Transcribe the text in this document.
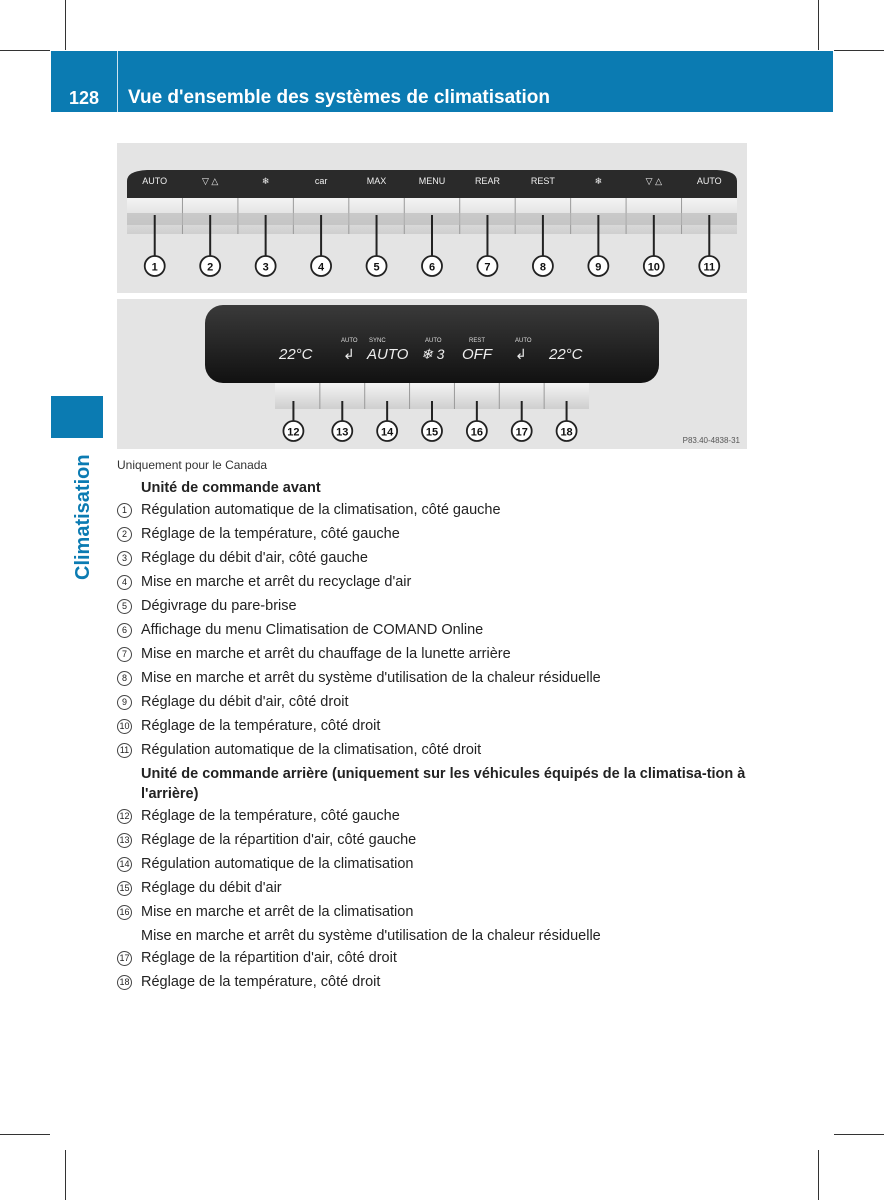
128	Vue d'ensemble des systèmes de climatisation
Climatisation
AUTO	▽ △	❄	car	MAX	MENU	REAR	REST	❄	▽ △	AUTO
1	2	3	4	5	6	7	8	9	10	11
22°C
AUTO
↲
SYNC	AUTO
AUTO ❄ 3
REST
OFF
AUTO
↲ 22°C
12	13	14	15	16	17	18
P83.40-4838-31
Uniquement pour le Canada
Unité de commande avant
1 Régulation automatique de la climatisation, côté gauche
2 Réglage de la température, côté gauche
3 Réglage du débit d'air, côté gauche
4 Mise en marche et arrêt du recyclage d'air
5 Dégivrage du pare-brise
6 Affichage du menu Climatisation de COMAND Online
7 Mise en marche et arrêt du chauffage de la lunette arrière
8 Mise en marche et arrêt du système d'utilisation de la chaleur résiduelle
9 Réglage du débit d'air, côté droit
10 Réglage de la température, côté droit
11 Régulation automatique de la climatisation, côté droit
Unité de commande arrière (uniquement sur les véhicules équipés de la climatisa-tion à l'arrière)
12 Réglage de la température, côté gauche
13 Réglage de la répartition d'air, côté gauche
14 Régulation automatique de la climatisation
15 Réglage du débit d'air
16 Mise en marche et arrêt de la climatisation
17 Réglage de la répartition d'air, côté droit
18 Réglage de la température, côté droit
Mise en marche et arrêt du système d'utilisation de la chaleur résiduelle
